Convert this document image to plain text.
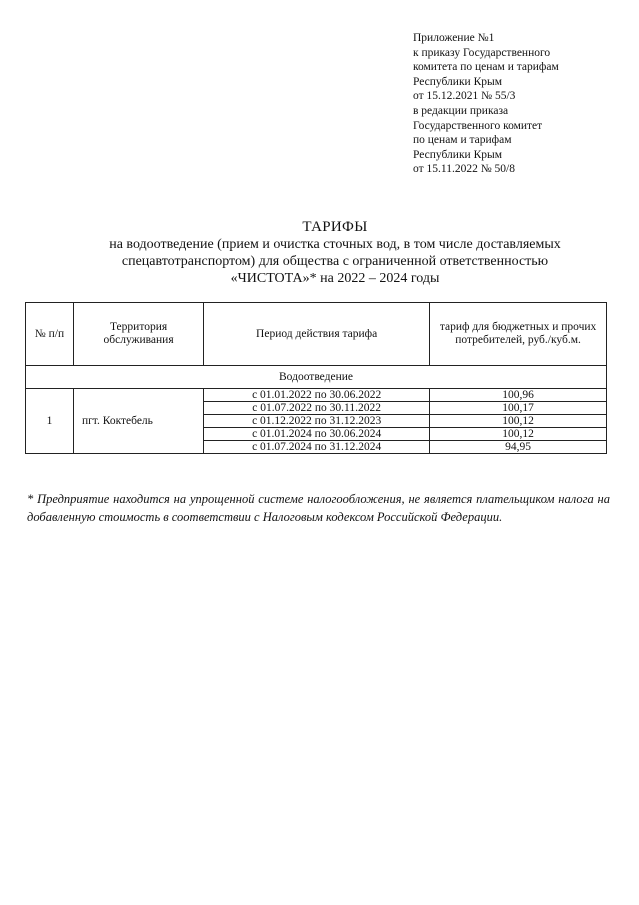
Приложение №1
к приказу Государственного
комитета по ценам и тарифам
Республики Крым
от 15.12.2021 № 55/3
в редакции приказа
Государственного комитет
по ценам и тарифам
Республики Крым
от 15.11.2022 № 50/8
ТАРИФЫ
на водоотведение (прием и очистка сточных вод, в том числе доставляемых
спецавтотранспортом) для общества с ограниченной ответственностью
«ЧИСТОТА»* на 2022 – 2024 годы
№ п/п	Территория обслуживания	Период действия тарифа	тариф для бюджетных и прочих потребителей, руб./куб.м.
Водоотведение			
1	пгт. Коктебель	с 01.01.2022 по 30.06.2022	100,96
		с 01.07.2022 по 30.11.2022	100,17
		с 01.12.2022 по 31.12.2023	100,12
		с 01.01.2024 по 30.06.2024	100,12
		с 01.07.2024 по 31.12.2024	94,95
* Предприятие находится на упрощенной системе налогообложения, не является плательщиком налога на добавленную стоимость в соответствии с Налоговым кодексом Российской Федерации.
